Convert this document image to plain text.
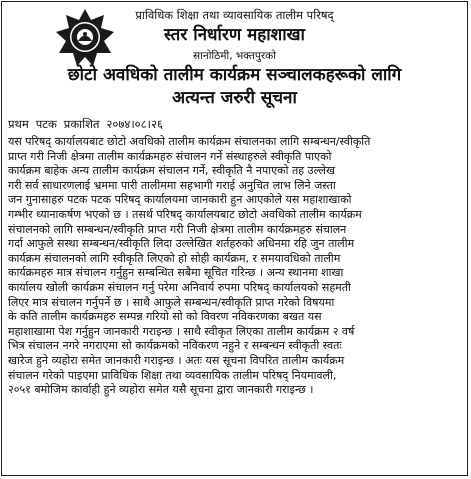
प्राविधिक शिक्षा तथा व्यावसायिक तालीम परिषद्

स्तर निर्धारण महाशाखा

सानोठिमी, भक्तपुरको

छोटो अवधिको तालीम कार्यक्रम सञ्चालकहरूको लागि

अत्यन्त जरुरी सूचना

प्रथम पटक प्रकाशित २०७४।०८।२६

यस परिषद् कार्यालयबाट छोटो अवधिको तालीम कार्यक्रम संचालनका लागि सम्बन्धन/स्वीकृति
प्राप्त गरी निजी क्षेत्रमा तालीम कार्यक्रमहरु संचालन गर्ने संस्थाहरुले स्वीकृति पाएको
कार्यक्रम बाहेक अन्य तालीम कार्यक्रम संचालन गर्ने, स्वीकृति नै नपाएको तह उल्लेख
गरी सर्व साधारणलाई भ्रममा पारी तालीममा सहभागी गराई अनुचित लाभ लिने जस्ता
जन गुनासाहरु पटक पटक परिषद् कार्यालयमा जानकारी हुन आएकोले यस महाशाखाको
गम्भीर ध्यानाकर्षण भएको छ । तसर्थ परिषद् कार्यालयबाट छोटो अवधिको तालीम कार्यक्रम
संचालनको लागि सम्बन्धन/स्वीकृति प्राप्त गरी निजी क्षेत्रमा तालीम कार्यक्रमहरु संचालन
गर्दा आफुले सस्था सम्बन्धन/स्वीकृति लिदा उल्लेखित शर्तहरुको अधिनमा रहि जुन तालीम
कार्यक्रम संचालनको लागि स्वीकृति लिएको हो सोही कार्यक्रम, र समयावधिको तालीम
कार्यक्रमहरु मात्र संचालन गर्नुहुन सम्बन्धित सबैमा सूचित गरिन्छ । अन्य स्थानमा शाखा
कार्यालय खोली कार्यक्रम संचालन गर्नु परेमा अनिवार्य रुपमा परिषद् कार्यालयको सहमती
लिएर मात्र संचालन गर्नुपर्ने छ । साथै आफुले सम्बन्धन/स्वीकृति प्राप्त गरेको विषयमा
के कति तालीम कार्यक्रमहरु सम्पन्न गरियो सो को विवरण नविकरणका बखत यस
महाशाखामा पेश गर्नुहुन जानकारी गराइन्छ । साथै स्वीकृत लिएका तालीम कार्यक्रम २ वर्ष
भित्र संचालन नगरे नगराएमा सो कार्यक्रमको नविकरण नहुने र सम्बन्धन स्वीकृती स्वतः
खारेज हुने व्यहोरा समेत जानकारी गराइन्छ । अतः यस सूचना विपरित तालीम कार्यक्रम
संचालन गरेको पाइएमा प्राविधिक शिक्षा तथा व्यवसायिक तालीम परिषद् नियमावली,
२०५१ बमोजिम कार्वाही हुने व्यहोरा समेत यसै सूचना द्वारा जानकारी गराइन्छ ।
